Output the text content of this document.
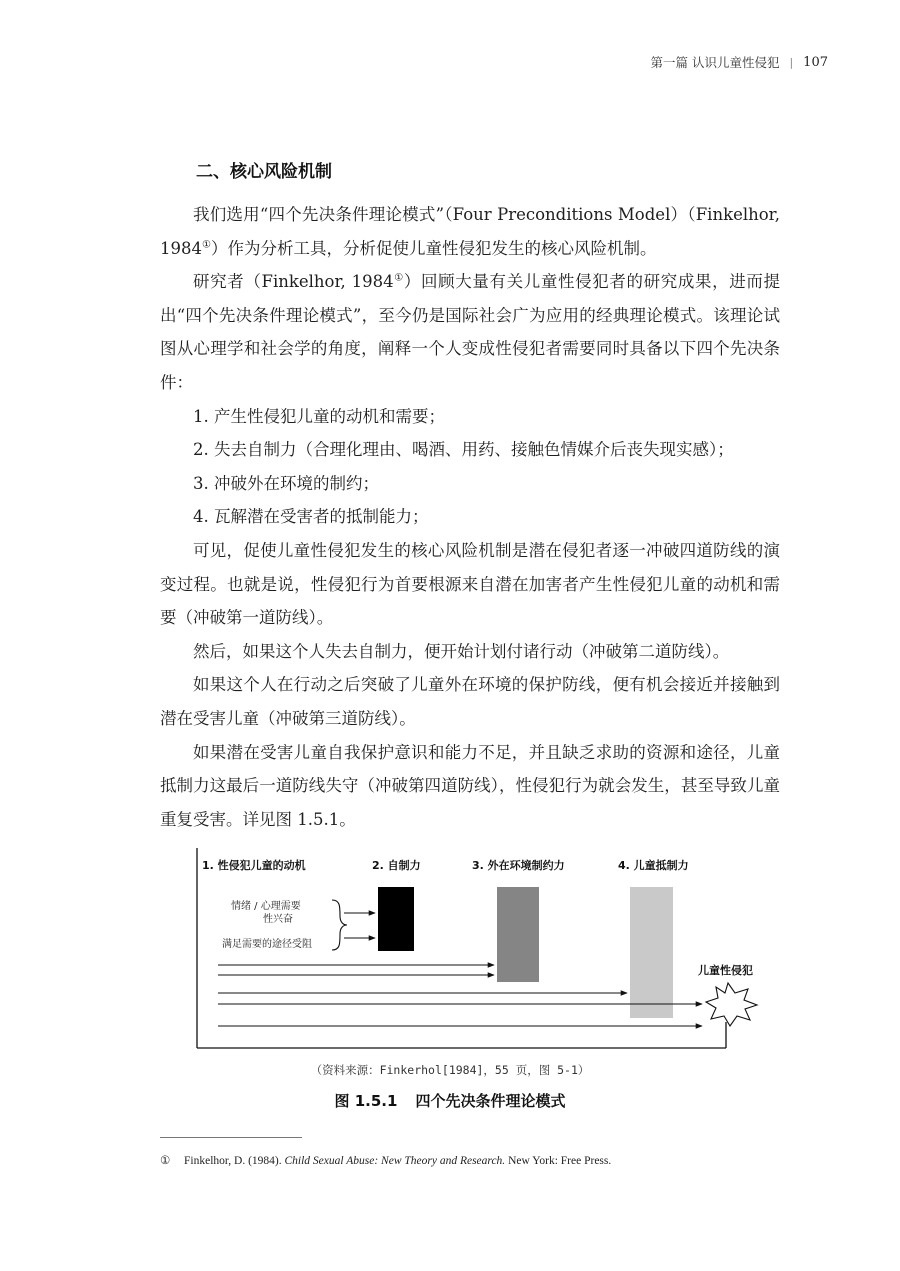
第一篇 认识儿童性侵犯 | 107
二、核心风险机制

我们选用“四个先决条件理论模式”（Four Preconditions Model）（Finkelhor, 1984①）作为分析工具，分析促使儿童性侵犯发生的核心风险机制。

研究者（Finkelhor, 1984①）回顾大量有关儿童性侵犯者的研究成果，进而提出“四个先决条件理论模式”，至今仍是国际社会广为应用的经典理论模式。该理论试图从心理学和社会学的角度，阐释一个人变成性侵犯者需要同时具备以下四个先决条件：

1. 产生性侵犯儿童的动机和需要；

2. 失去自制力（合理化理由、喝酒、用药、接触色情媒介后丧失现实感）；

3. 冲破外在环境的制约；

4. 瓦解潜在受害者的抵制能力；

可见，促使儿童性侵犯发生的核心风险机制是潜在侵犯者逐一冲破四道防线的演变过程。也就是说，性侵犯行为首要根源来自潜在加害者产生性侵犯儿童的动机和需要（冲破第一道防线）。

然后，如果这个人失去自制力，便开始计划付诸行动（冲破第二道防线）。

如果这个人在行动之后突破了儿童外在环境的保护防线，便有机会接近并接触到潜在受害儿童（冲破第三道防线）。

如果潜在受害儿童自我保护意识和能力不足，并且缺乏求助的资源和途径，儿童抵制力这最后一道防线失守（冲破第四道防线），性侵犯行为就会发生，甚至导致儿童重复受害。详见图 1.5.1。

1. 性侵犯儿童的动机	2. 自制力	3. 外在环境制约力	4. 儿童抵制力
情绪 / 心理需要
性兴奋
满足需要的途径受阻
儿童性侵犯
（资料来源：Finkerhol[1984]，55 页，图 5-1）
图 1.5.1 四个先决条件理论模式
① Finkelhor, D. (1984). Child Sexual Abuse: New Theory and Research. New York: Free Press.
